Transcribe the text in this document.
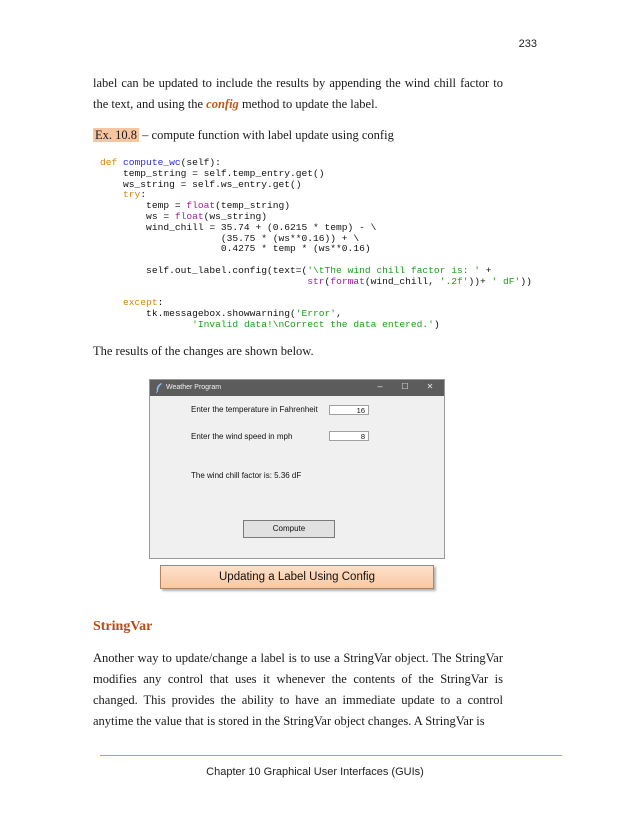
233
label can be updated to include the results by appending the wind chill factor to the text, and using the config method to update the label.
Ex. 10.8 – compute function with label update using config
def compute_wc(self):
temp_string = self.temp_entry.get()
ws_string = self.ws_entry.get()
try:
temp = float(temp_string)
ws = float(ws_string)
wind_chill = 35.74 + (0.6215 * temp) - \
(35.75 * (ws**0.16)) + \
0.4275 * temp * (ws**0.16)

self.out_label.config(text=('\tThe wind chill factor is: ' +
str(format(wind_chill, '.2f'))+ ' dF'))

except:
tk.messagebox.showwarning('Error',
'Invalid data!\nCorrect the data entered.')
The results of the changes are shown below.
Weather Program	–	☐	✕
Enter the temperature in Fahrenheit	16
Enter the wind speed in mph	8
The wind chill factor is: 5.36 dF
Compute
Updating a Label Using Config
StringVar
Another way to update/change a label is to use a StringVar object. The StringVar modifies any control that uses it whenever the contents of the StringVar is changed. This provides the ability to have an immediate update to a control anytime the value that is stored in the StringVar object changes. A StringVar is
Chapter 10 Graphical User Interfaces (GUIs)
